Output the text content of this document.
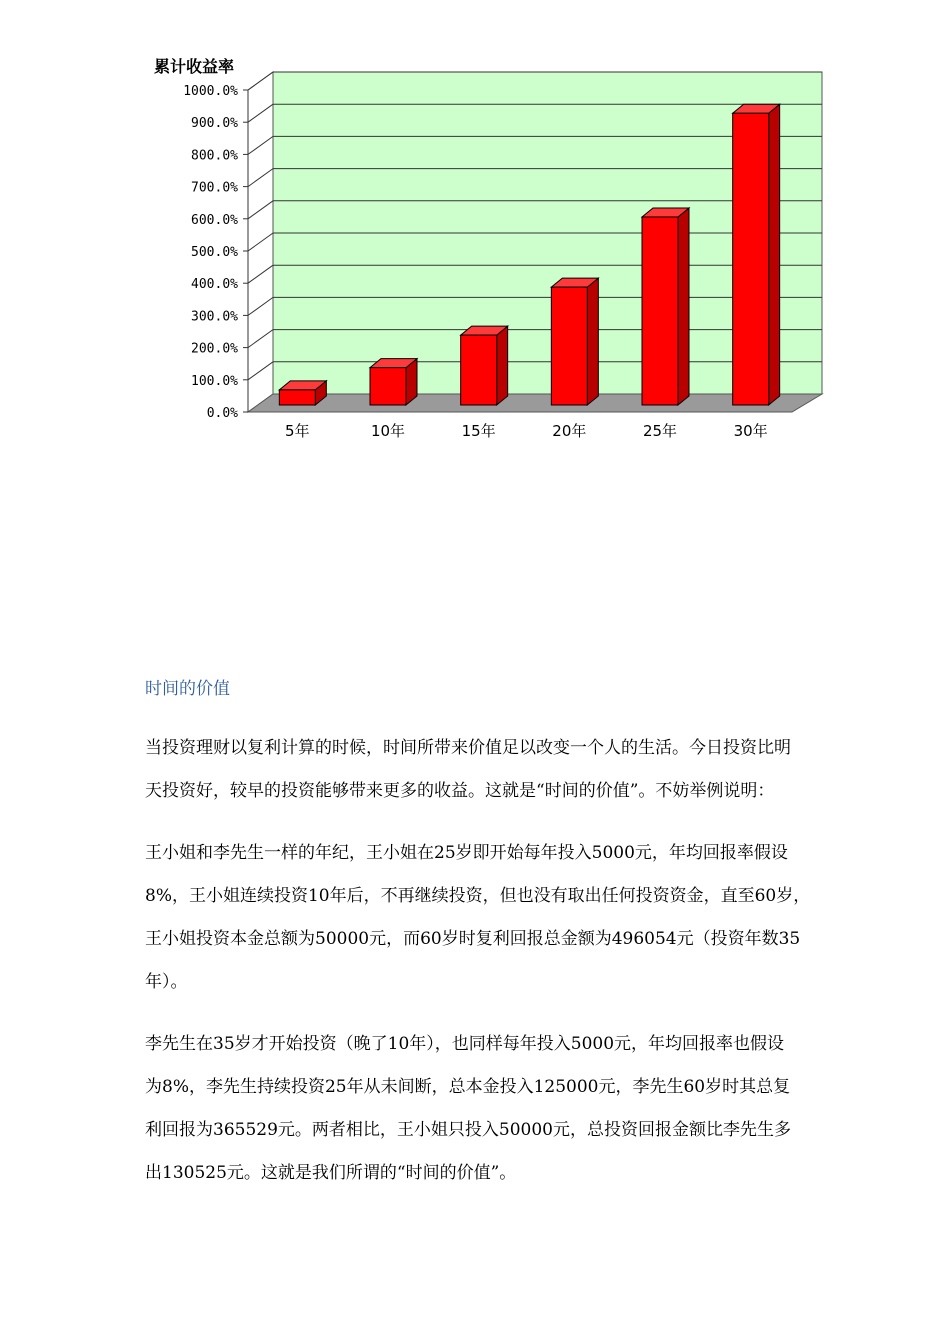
0.0%
100.0%
200.0%
300.0%
400.0%
500.0%
600.0%
700.0%
800.0%
900.0%
1000.0%
5年	10年	15年	20年	25年	30年
累计收益率
时间的价值
当投资理财以复利计算的时候，时间所带来价值足以改变一个人的生活。今日投资比明
天投资好，较早的投资能够带来更多的收益。这就是“时间的价值”。不妨举例说明：
王小姐和李先生一样的年纪，王小姐在25岁即开始每年投入5000元，年均回报率假设
8%，王小姐连续投资10年后，不再继续投资，但也没有取出任何投资资金，直至60岁，
王小姐投资本金总额为50000元，而60岁时复利回报总金额为496054元（投资年数35
年）。
李先生在35岁才开始投资（晚了10年），也同样每年投入5000元，年均回报率也假设
为8%，李先生持续投资25年从未间断，总本金投入125000元，李先生60岁时其总复
利回报为365529元。两者相比，王小姐只投入50000元，总投资回报金额比李先生多
出130525元。这就是我们所谓的“时间的价值”。
